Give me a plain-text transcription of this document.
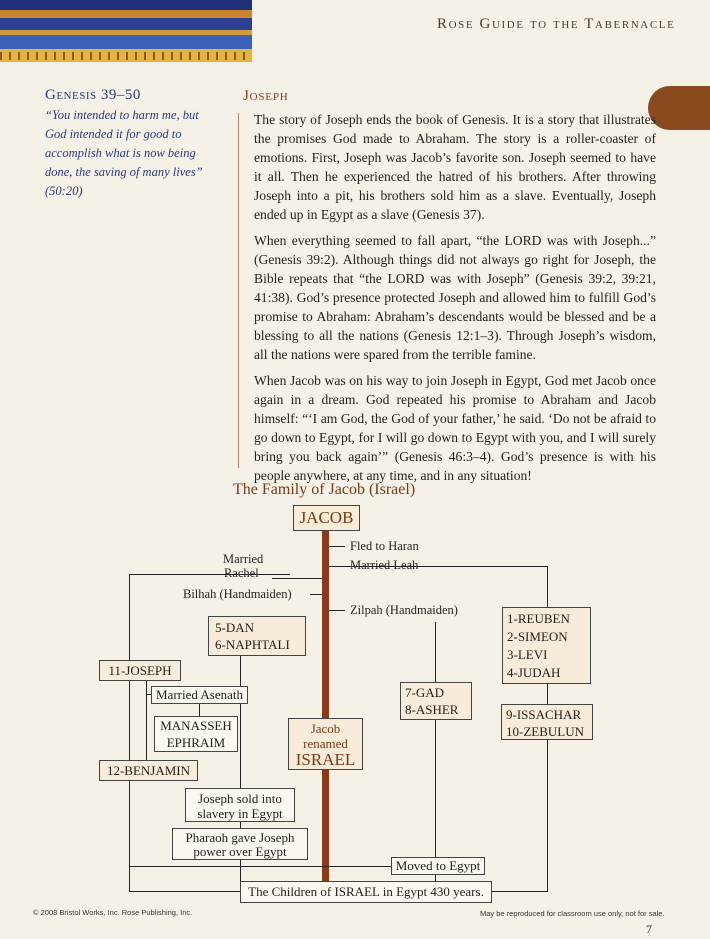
Rose Guide to the Tabernacle
Genesis 39–50
“You intended to harm me, but God intended it for good to accomplish what is now being done, the saving of many lives” (50:20)
Joseph

The story of Joseph ends the book of Genesis. It is a story that illustrates the promises God made to Abraham. The story is a roller-coaster of emotions. First, Joseph was Jacob’s favorite son. Joseph seemed to have it all. Then he experienced the hatred of his brothers. After throwing Joseph into a pit, his brothers sold him as a slave. Eventually, Joseph ended up in Egypt as a slave (Genesis 37).

When everything seemed to fall apart, “the LORD was with Joseph...” (Genesis 39:2). Although things did not always go right for Joseph, the Bible repeats that “the LORD was with Joseph” (Genesis 39:2, 39:21, 41:38). God’s presence protected Joseph and allowed him to fulfill God’s promise to Abraham: Abraham’s descendants would be blessed and be a blessing to all the nations (Genesis 12:1–3). Through Joseph’s wisdom, all the nations were spared from the terrible famine.

When Jacob was on his way to join Joseph in Egypt, God met Jacob once again in a dream. God repeated his promise to Abraham and Jacob himself: “‘I am God, the God of your father,’ he said. ‘Do not be afraid to go down to Egypt, for I will go down to Egypt with you, and I will surely bring you back again’” (Genesis 46:3–4). God’s presence is with his people anywhere, at any time, and in any situation!

The Family of Jacob (Israel)
JACOB
Fled to Haran
Married Leah
Married
Rachel
Bilhah (Handmaiden)
Zilpah (Handmaiden)
5-DAN
6-NAPHTALI
1-REUBEN
2-SIMEON
3-LEVI
4-JUDAH
11-JOSEPH
Married Asenath
MANASSEH
EPHRAIM
7-GAD
8-ASHER	9-ISSACHAR
10-ZEBULUN
Jacob
renamed
ISRAEL
12-BENJAMIN
Joseph sold into
slavery in Egypt
Pharaoh gave Joseph
power over Egypt
Moved to Egypt
The Children of ISRAEL in Egypt 430 years.
© 2008 Bristol Works, Inc. Rose Publishing, Inc.	May be reproduced for classroom use only, not for sale.
7
